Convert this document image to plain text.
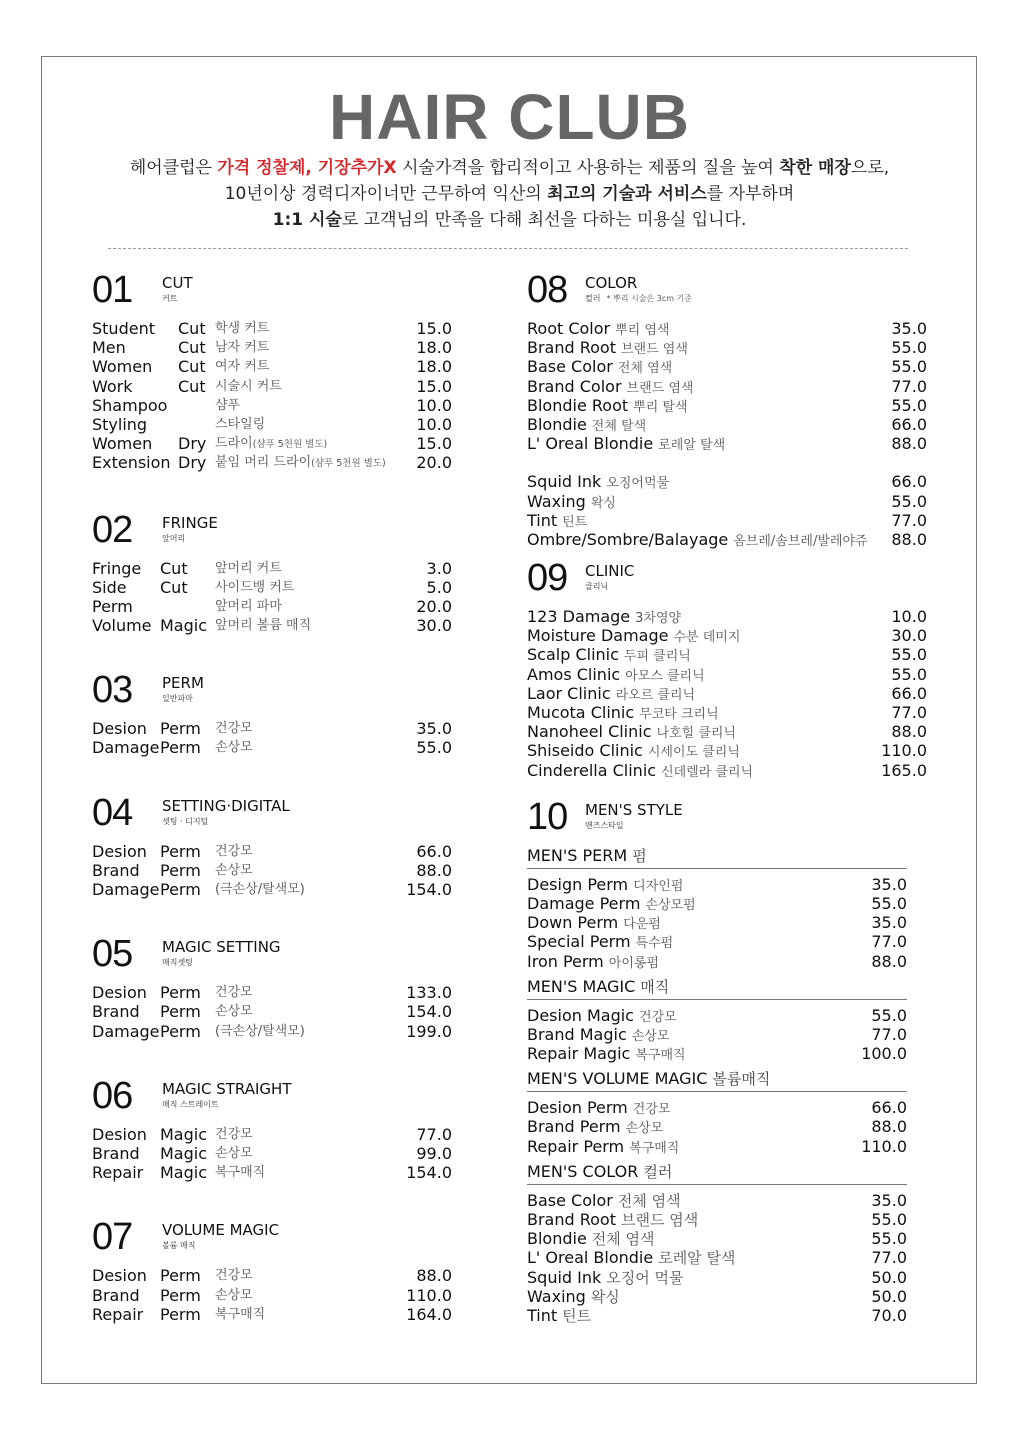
HAIR CLUB
헤어클럽은 가격 정찰제, 기장추가X 시술가격을 합리적이고 사용하는 제품의 질을 높여 착한 매장으로,
10년이상 경력디자이너만 근무하여 익산의 최고의 기술과 서비스를 자부하며
1:1 시술로 고객님의 만족을 다해 최선을 다하는 미용실 입니다.
01 CUT
커트
Student Cut 학생 커트	15.0
Men	Cut 남자 커트	18.0
Women Cut 여자 커트	18.0
Work	Cut 시술시 커트	15.0
Shampoo	샴푸	10.0
Styling	스타일링	10.0
Women Dry 드라이(샴푸 5천원 별도)	15.0
Extension Dry 붙임 머리 드라이(샴푸 5천원 별도) 20.0
02 FRINGE
앞머리
Fringe Cut 앞머리 커트	3.0
Side Cut 사이드뱅 커트	5.0
Perm	앞머리 파마	20.0
Volume Magic 앞머리 볼륨 매직	30.0
03 PERM
일반파마
Desion Perm 건강모	35.0
Damage Perm 손상모	55.0
04 SETTING·DIGITAL
셋팅 · 디지털
Desion Perm 건강모	66.0
Brand Perm 손상모	88.0
Damage Perm (극손상/탈색모)	154.0
05 MAGIC SETTING
매직셋팅
Desion Perm 건강모	133.0
Brand Perm 손상모	154.0
Damage Perm (극손상/탈색모)	199.0
06 MAGIC STRAIGHT
매직 스트레이트
Desion Magic 건강모	77.0
Brand Magic 손상모	99.0
Repair Magic 복구매직	154.0
07 VOLUME MAGIC
볼륨 매직
Desion Perm 건강모	88.0
Brand Perm 손상모	110.0
Repair Perm 복구매직	164.0
08 COLOR
컬러 * 뿌리 시술은 3cm 기준
Root Color 뿌리 염색	35.0
Brand Root 브랜드 염색	55.0
Base Color 전체 염색	55.0
Brand Color 브랜드 염색	77.0
Blondie Root 뿌리 탈색	55.0
Blondie 전체 탈색	66.0
L' Oreal Blondie 로레알 탈색	88.0
Squid Ink 오징어먹물	66.0
Waxing 왁싱	55.0
Tint 틴트	77.0
Ombre/Sombre/Balayage 옴브레/솜브레/발레야쥬 88.0
09 CLINIC
클리닉
123 Damage 3차영양	10.0
Moisture Damage 수분 데미지	30.0
Scalp Clinic 두피 클리닉	55.0
Amos Clinic 아모스 클리닉	55.0
Laor Clinic 라오르 클리닉	66.0
Mucota Clinic 무코타 크리닉	77.0
Nanoheel Clinic 나호힐 클리닉	88.0
Shiseido Clinic 시세이도 클리닉	110.0
Cinderella Clinic 신데렐라 클리닉	165.0
10 MEN'S STYLE
맨즈스타일
MEN'S PERM 펌
Design Perm 디자인펌	35.0
Damage Perm 손상모펌	55.0
Down Perm 다운펌	35.0
Special Perm 특수펌	77.0
Iron Perm 아이롱펌	88.0
MEN'S MAGIC 매직
Desion Magic 건강모	55.0
Brand Magic 손상모	77.0
Repair Magic 복구매직	100.0
MEN'S VOLUME MAGIC 볼륨매직
Desion Perm 건강모	66.0
Brand Perm 손상모	88.0
Repair Perm 복구매직	110.0
MEN'S COLOR 컬러
Base Color 전체 염색	35.0
Brand Root 브랜드 염색	55.0
Blondie 전체 염색	55.0
L' Oreal Blondie 로레알 탈색	77.0
Squid Ink 오징어 먹물	50.0
Waxing 왁싱	50.0
Tint 틴트	70.0
